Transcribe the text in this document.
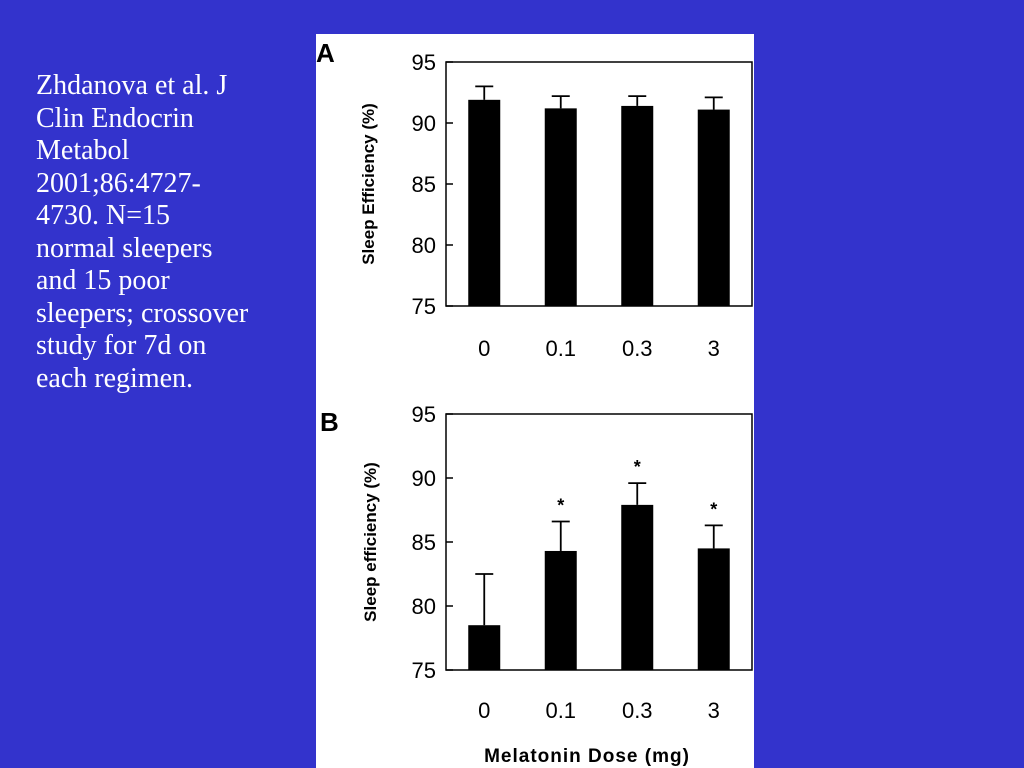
Zhdanova et al. J
Clin Endocrin
Metabol
2001;86:4727-
4730. N=15
normal sleepers
and 15 poor
sleepers; crossover
study for 7d on
each regimen.

A	95
90
85
80
75
Sleep Efficiency (%)
0	0.1 0.3	3
B	95
90
85
80
75
Sleep efficiency (%)
0
*
0.1
*
0.3
*
3
Melatonin Dose (mg)
